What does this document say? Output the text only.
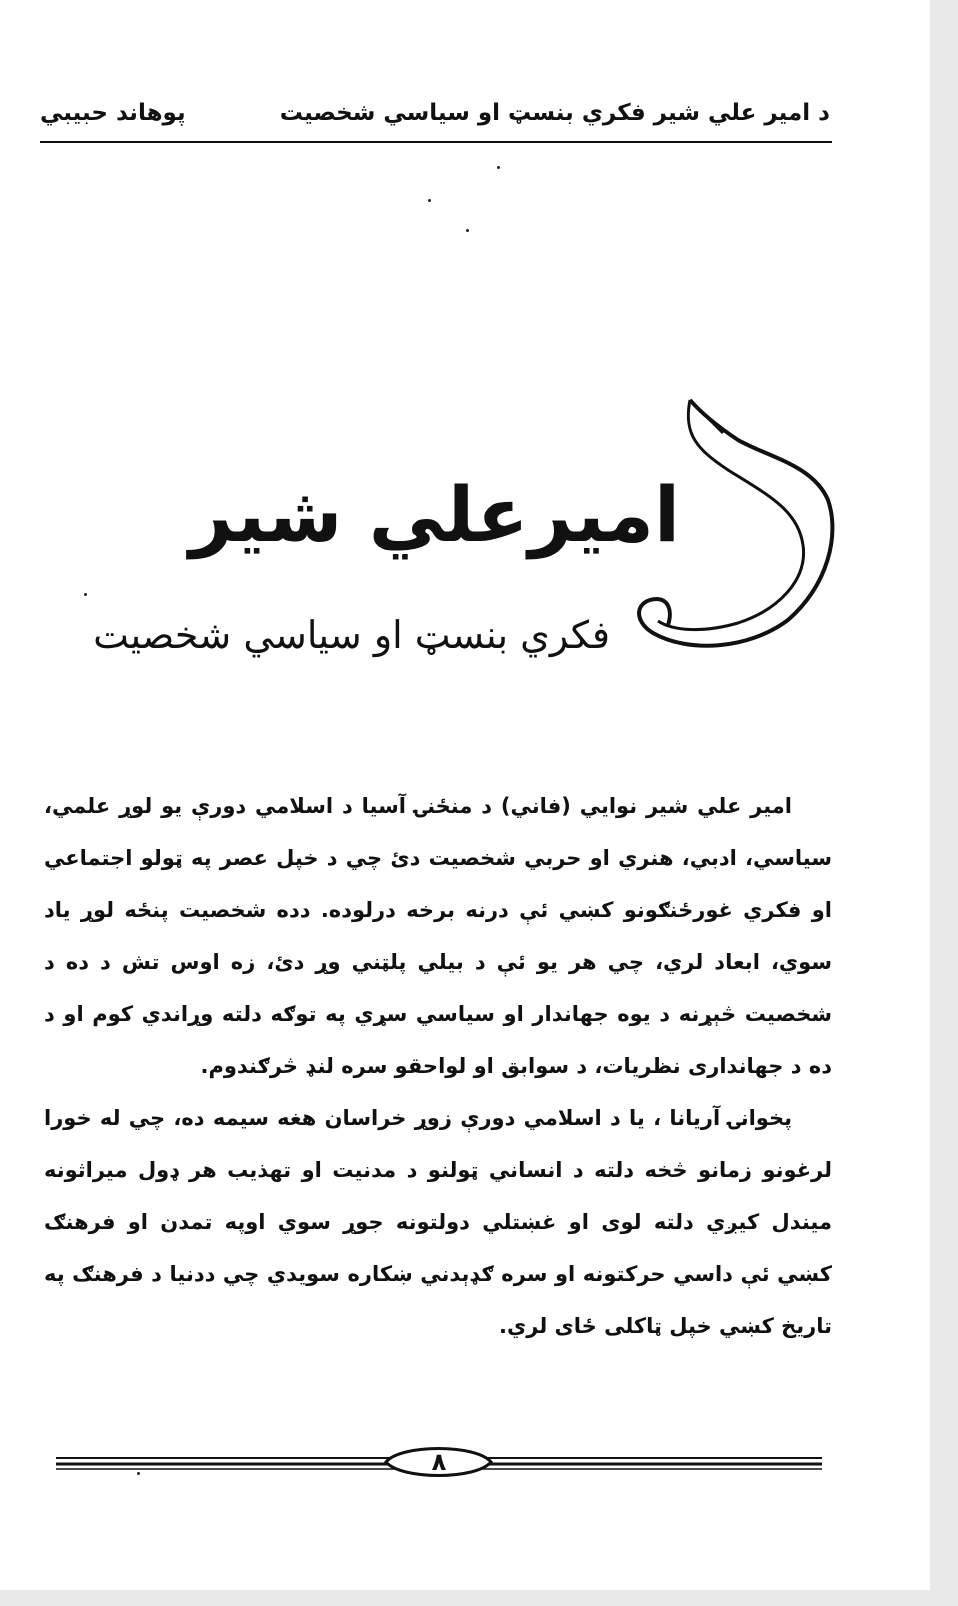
د امیر علي شیر فکري بنسټ او سیاسي شخصیت
پوهاند حبیبي
امیرعلي شیر
فکري بنسټ او سیاسي شخصیت

امیر علي شیر نوایي (فاني) د منځنۍ آسیا د اسلامي دورې یو لوړ علمي، سیاسي، ادبي، هنري او حربي شخصیت دئ چي د خپل عصر په ټولو اجتماعي او فکري غورځنګونو کښي ئې درنه برخه درلوده. دده شخصیت پنځه لوړ یاد سوي، ابعاد لري، چي هر یو ئې د بیلي پلټني وړ دئ، زه اوس تش د ده د شخصیت څېړنه د یوه جهاندار او سیاسي سړي په توګه دلته وړاندي کوم او د ده د جهانداری نظریات، د سوابق او لواحقو سره لنډ څرګندوم.

پخوانۍ آریانا ، یا د اسلامي دورې زوړ خراسان هغه سیمه ده، چي له خورا لرغونو زمانو څخه دلته د انساني ټولنو د مدنیت او تهذیب هر ډول میراثونه میندل کیږي دلته لوی او غښتلي دولتونه جوړ سوي اوپه تمدن او فرهنګ کښي ئې داسي حرکتونه او سره ګډېدني ښکاره سویدي چي ددنیا د فرهنګ په تاریخ کښي خپل ټاکلی ځای لري.

۸
